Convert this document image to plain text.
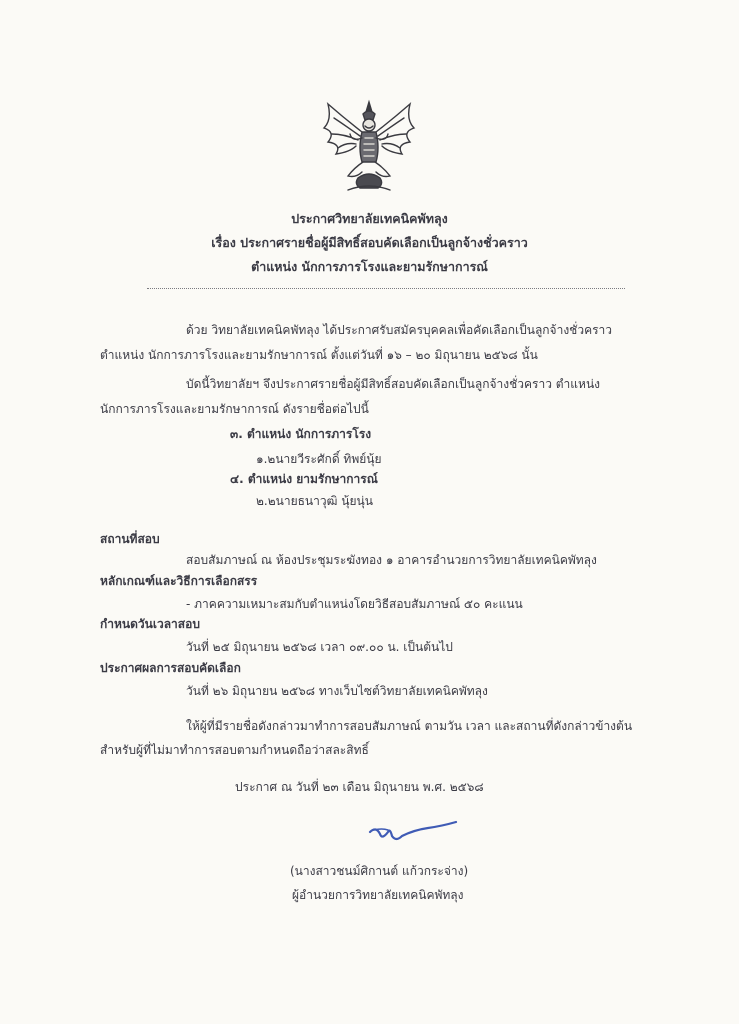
ประกาศวิทยาลัยเทคนิคพัทลุง
เรื่อง ประกาศรายชื่อผู้มีสิทธิ์สอบคัดเลือกเป็นลูกจ้างชั่วคราว
ตำแหน่ง นักการภารโรงและยามรักษาการณ์
ด้วย วิทยาลัยเทคนิคพัทลุง ได้ประกาศรับสมัครบุคคลเพื่อคัดเลือกเป็นลูกจ้างชั่วคราว
ตำแหน่ง นักการภารโรงและยามรักษาการณ์ ตั้งแต่วันที่ ๑๖ – ๒๐ มิถุนายน ๒๕๖๘ นั้น
บัดนี้วิทยาลัยฯ จึงประกาศรายชื่อผู้มีสิทธิ์สอบคัดเลือกเป็นลูกจ้างชั่วคราว ตำแหน่ง
นักการภารโรงและยามรักษาการณ์ ดังรายชื่อต่อไปนี้
๓. ตำแหน่ง นักการภารโรง
๑.๒นายวีระศักดิ์ ทิพย์นุ้ย
๔. ตำแหน่ง ยามรักษาการณ์
๒.๒นายธนาวุฒิ นุ้ยนุ่น
สถานที่สอบ
สอบสัมภาษณ์ ณ ห้องประชุมระฆังทอง ๑ อาคารอำนวยการวิทยาลัยเทคนิคพัทลุง
หลักเกณฑ์และวิธีการเลือกสรร
- ภาคความเหมาะสมกับตำแหน่งโดยวิธีสอบสัมภาษณ์ ๕๐ คะแนน
กำหนดวันเวลาสอบ
วันที่ ๒๕ มิถุนายน ๒๕๖๘ เวลา ๐๙.๐๐ น. เป็นต้นไป
ประกาศผลการสอบคัดเลือก
วันที่ ๒๖ มิถุนายน ๒๕๖๘ ทางเว็บไซต์วิทยาลัยเทคนิคพัทลุง
ให้ผู้ที่มีรายชื่อดังกล่าวมาทำการสอบสัมภาษณ์ ตามวัน เวลา และสถานที่ดังกล่าวข้างต้น
สำหรับผู้ที่ไม่มาทำการสอบตามกำหนดถือว่าสละสิทธิ์
ประกาศ ณ วันที่ ๒๓ เดือน มิถุนายน พ.ศ. ๒๕๖๘
(นางสาวชนม์ศิกานต์ แก้วกระจ่าง)
ผู้อำนวยการวิทยาลัยเทคนิคพัทลุง
